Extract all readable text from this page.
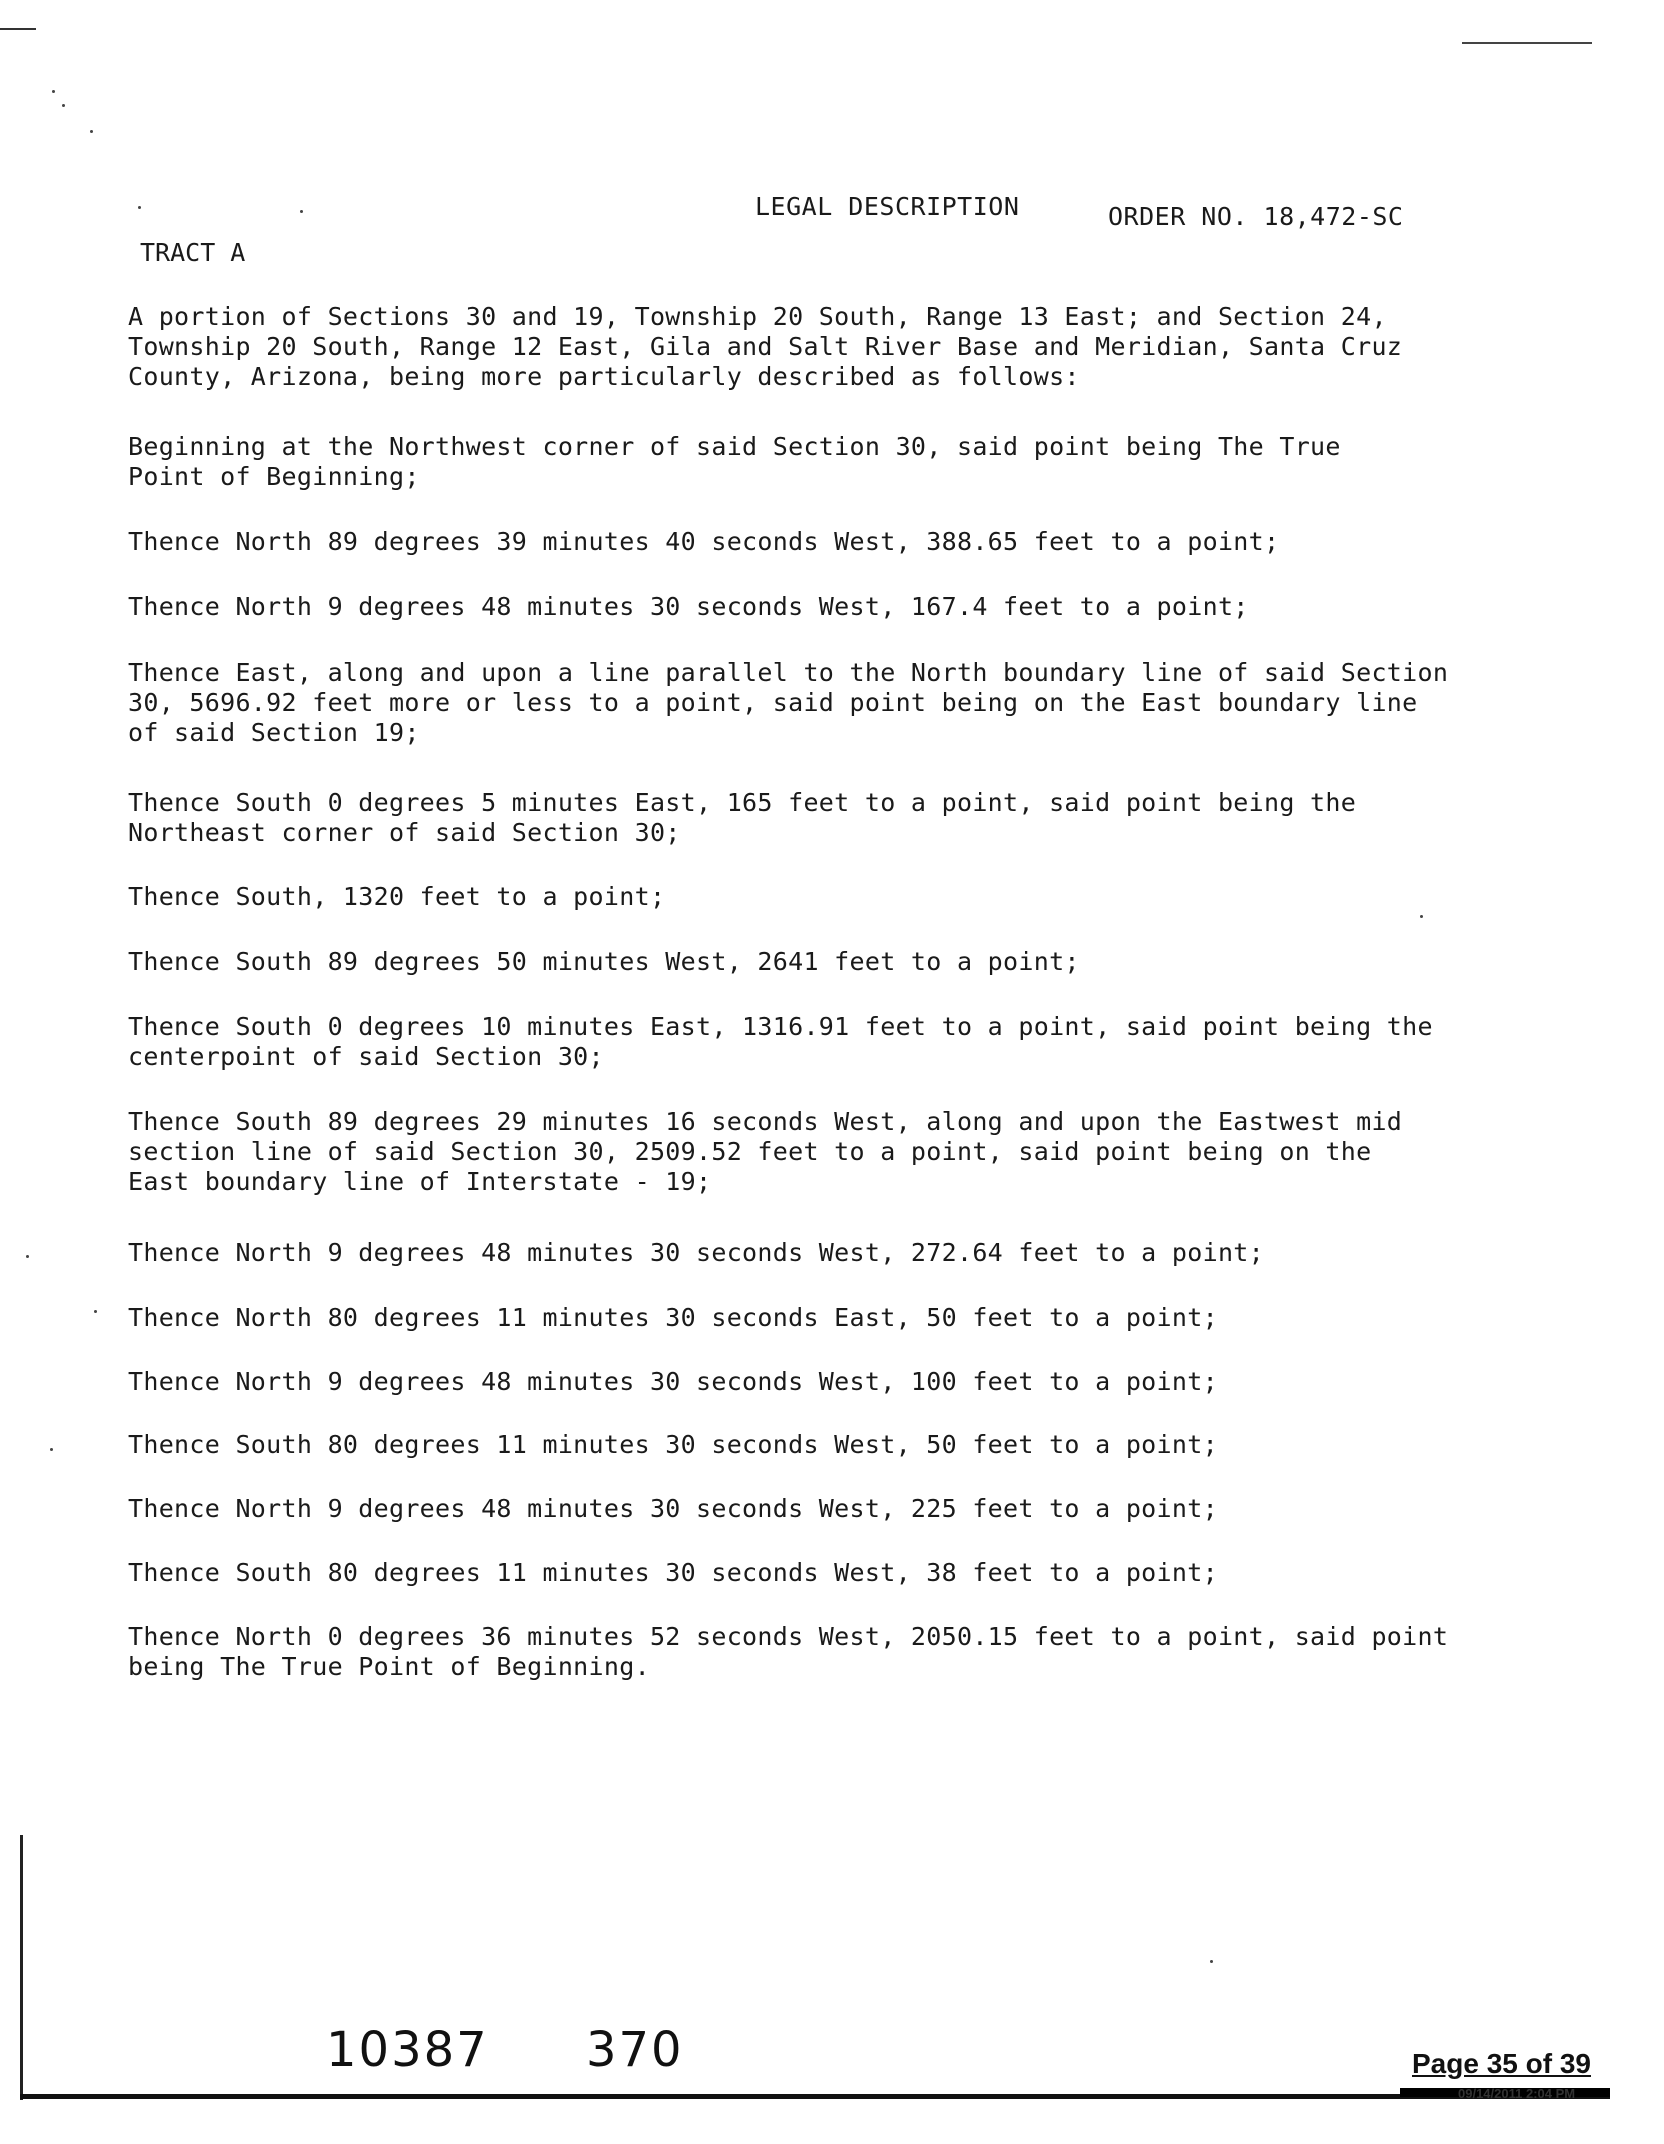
LEGAL DESCRIPTION	ORDER NO. 18,472-SC
TRACT A
A portion of Sections 30 and 19, Township 20 South, Range 13 East; and Section 24,
Township 20 South, Range 12 East, Gila and Salt River Base and Meridian, Santa Cruz
County, Arizona, being more particularly described as follows:
Beginning at the Northwest corner of said Section 30, said point being The True
Point of Beginning;
Thence North 89 degrees 39 minutes 40 seconds West, 388.65 feet to a point;
Thence North 9 degrees 48 minutes 30 seconds West, 167.4 feet to a point;
Thence East, along and upon a line parallel to the North boundary line of said Section
30, 5696.92 feet more or less to a point, said point being on the East boundary line
of said Section 19;
Thence South 0 degrees 5 minutes East, 165 feet to a point, said point being the
Northeast corner of said Section 30;
Thence South, 1320 feet to a point;
Thence South 89 degrees 50 minutes West, 2641 feet to a point;
Thence South 0 degrees 10 minutes East, 1316.91 feet to a point, said point being the
centerpoint of said Section 30;
Thence South 89 degrees 29 minutes 16 seconds West, along and upon the Eastwest mid
section line of said Section 30, 2509.52 feet to a point, said point being on the
East boundary line of Interstate - 19;
Thence North 9 degrees 48 minutes 30 seconds West, 272.64 feet to a point;
Thence North 80 degrees 11 minutes 30 seconds East, 50 feet to a point;
Thence North 9 degrees 48 minutes 30 seconds West, 100 feet to a point;
Thence South 80 degrees 11 minutes 30 seconds West, 50 feet to a point;
Thence North 9 degrees 48 minutes 30 seconds West, 225 feet to a point;
Thence South 80 degrees 11 minutes 30 seconds West, 38 feet to a point;
Thence North 0 degrees 36 minutes 52 seconds West, 2050.15 feet to a point, said point
being The True Point of Beginning.
10387 370	Page 35 of 39
09/14/2011 2:04 PM
